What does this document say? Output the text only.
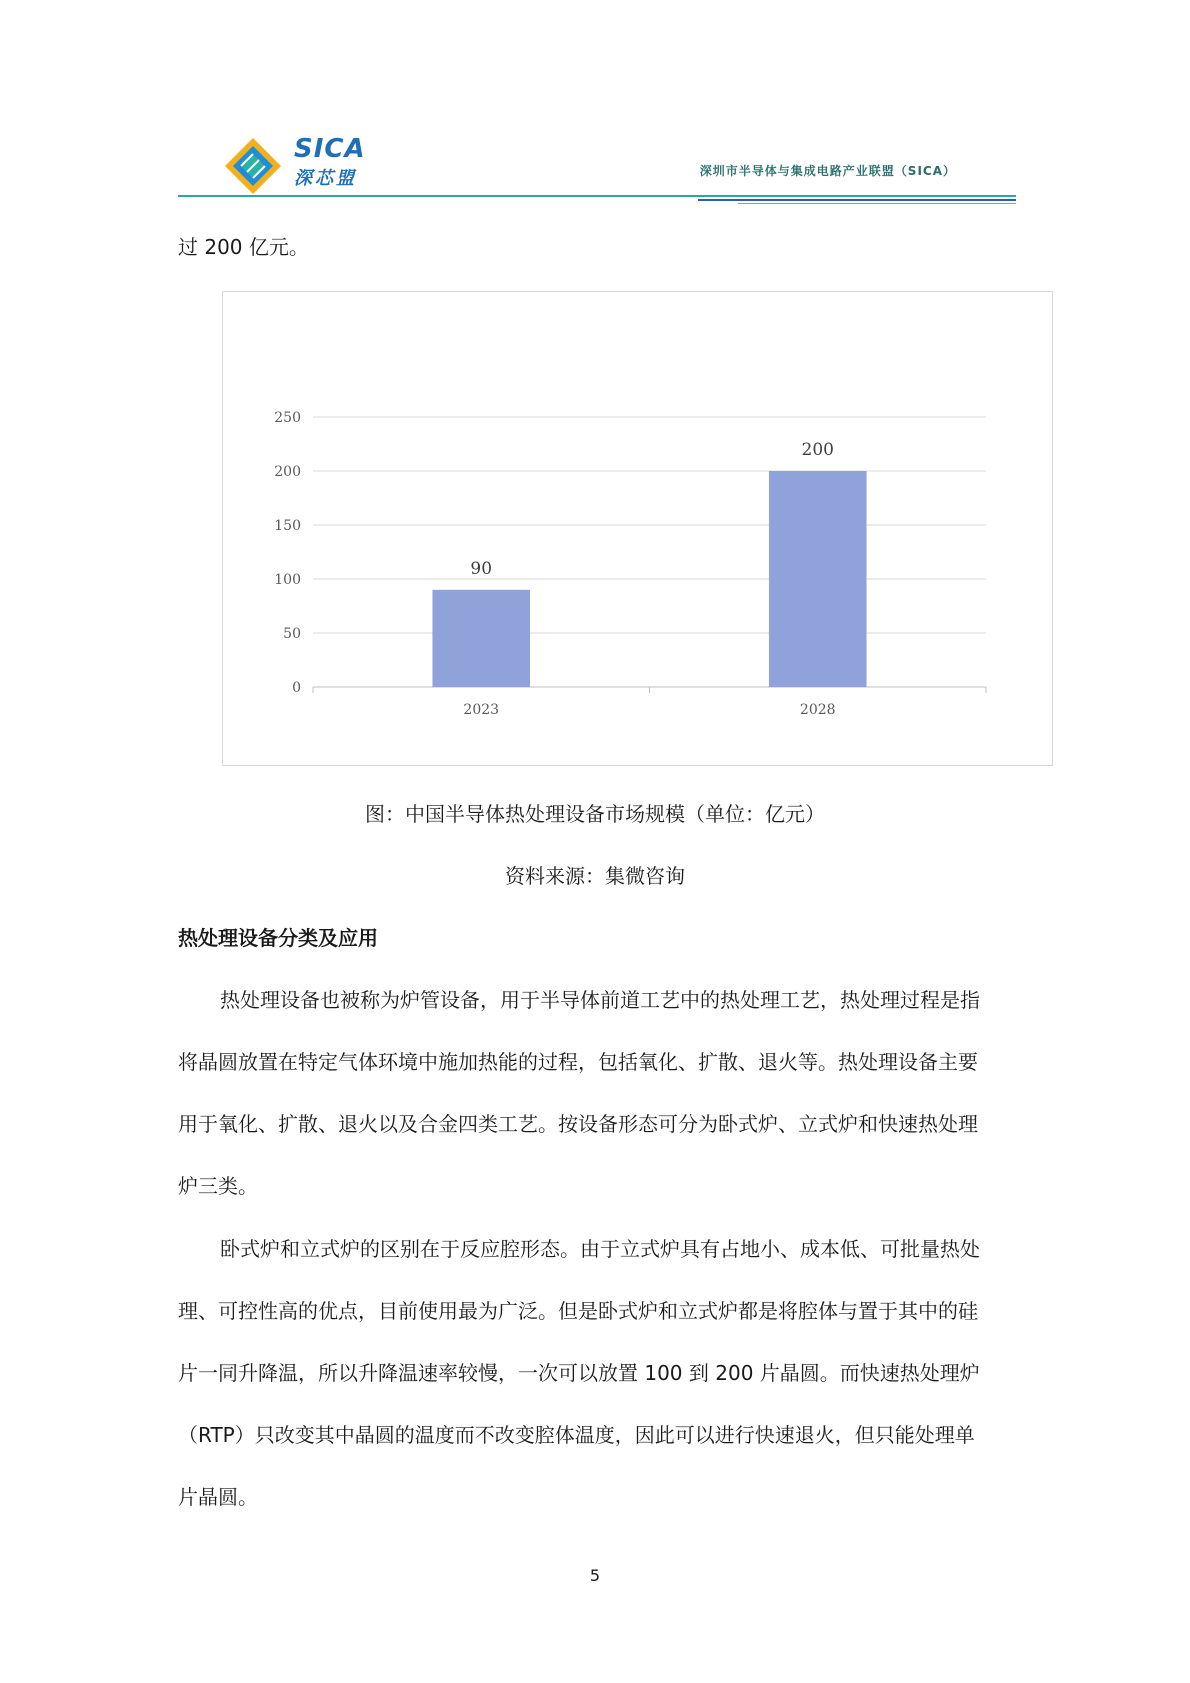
SICA
深芯盟	深圳市半导体与集成电路产业联盟（SICA）
过 200 亿元。
0
50
100
150
200
250
90
2023
200
2028
图：中国半导体热处理设备市场规模（单位：亿元）
资料来源：集微咨询
热处理设备分类及应用
热处理设备也被称为炉管设备，用于半导体前道工艺中的热处理工艺，热处理过程是指
将晶圆放置在特定气体环境中施加热能的过程，包括氧化、扩散、退火等。热处理设备主要
用于氧化、扩散、退火以及合金四类工艺。按设备形态可分为卧式炉、立式炉和快速热处理
炉三类。
卧式炉和立式炉的区别在于反应腔形态。由于立式炉具有占地小、成本低、可批量热处
理、可控性高的优点，目前使用最为广泛。但是卧式炉和立式炉都是将腔体与置于其中的硅
片一同升降温，所以升降温速率较慢，一次可以放置 100 到 200 片晶圆。而快速热处理炉
（RTP）只改变其中晶圆的温度而不改变腔体温度，因此可以进行快速退火，但只能处理单
片晶圆。
5
